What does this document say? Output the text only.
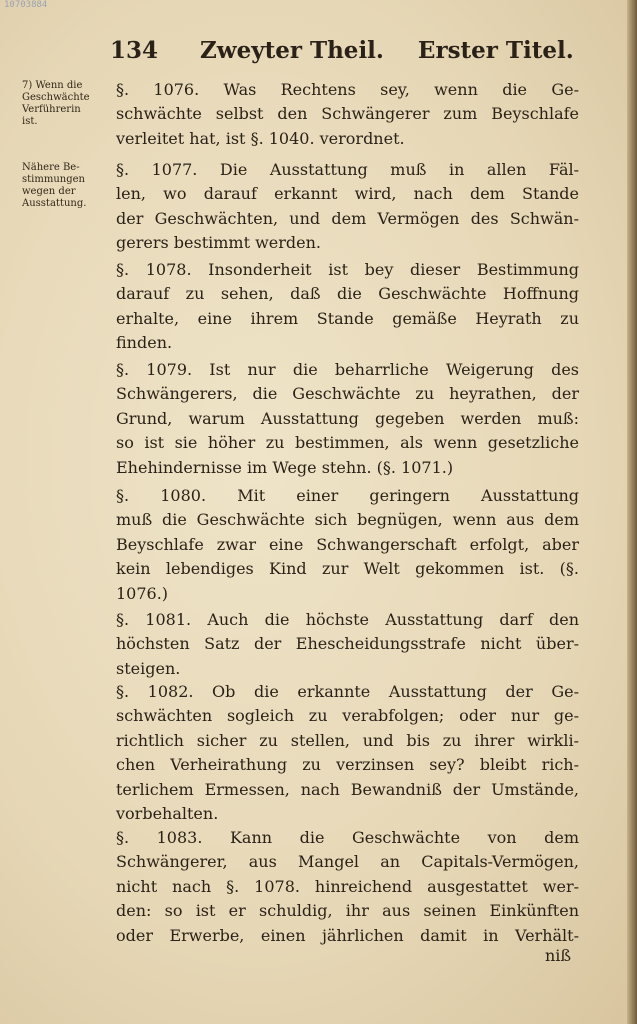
10703884
134	Zweyter Theil. Erster Titel.
7) Wenn die
Geschwächte
Verführerin
ist.
Nähere Be-
stimmungen
wegen der
Ausstattung.

§. 1076. Was Rechtens sey, wenn die Ge-
schwächte selbst den Schwängerer zum Beyschlafe
verleitet hat, ist §. 1040. verordnet.

§. 1077. Die Ausstattung muß in allen Fäl-
len, wo darauf erkannt wird, nach dem Stande
der Geschwächten, und dem Vermögen des Schwän-
gerers bestimmt werden.

§. 1078. Insonderheit ist bey dieser Bestimmung
darauf zu sehen, daß die Geschwächte Hoffnung
erhalte, eine ihrem Stande gemäße Heyrath zu
finden.

§. 1079. Ist nur die beharrliche Weigerung des
Schwängerers, die Geschwächte zu heyrathen, der
Grund, warum Ausstattung gegeben werden muß:
so ist sie höher zu bestimmen, als wenn gesetzliche
Ehehindernisse im Wege stehn. (§. 1071.)

§. 1080. Mit einer geringern Ausstattung
muß die Geschwächte sich begnügen, wenn aus dem
Beyschlafe zwar eine Schwangerschaft erfolgt, aber
kein lebendiges Kind zur Welt gekommen ist. (§.
1076.)

§. 1081. Auch die höchste Ausstattung darf den
höchsten Satz der Ehescheidungsstrafe nicht über-
steigen.

§. 1082. Ob die erkannte Ausstattung der Ge-
schwächten sogleich zu verabfolgen; oder nur ge-
richtlich sicher zu stellen, und bis zu ihrer wirkli-
chen Verheirathung zu verzinsen sey? bleibt rich-
terlichem Ermessen, nach Bewandniß der Umstände,
vorbehalten.

§. 1083. Kann die Geschwächte von dem
Schwängerer, aus Mangel an Capitals-Vermögen,
nicht nach §. 1078. hinreichend ausgestattet wer-
den: so ist er schuldig, ihr aus seinen Einkünften
oder Erwerbe, einen jährlichen damit in Verhält-

niß
